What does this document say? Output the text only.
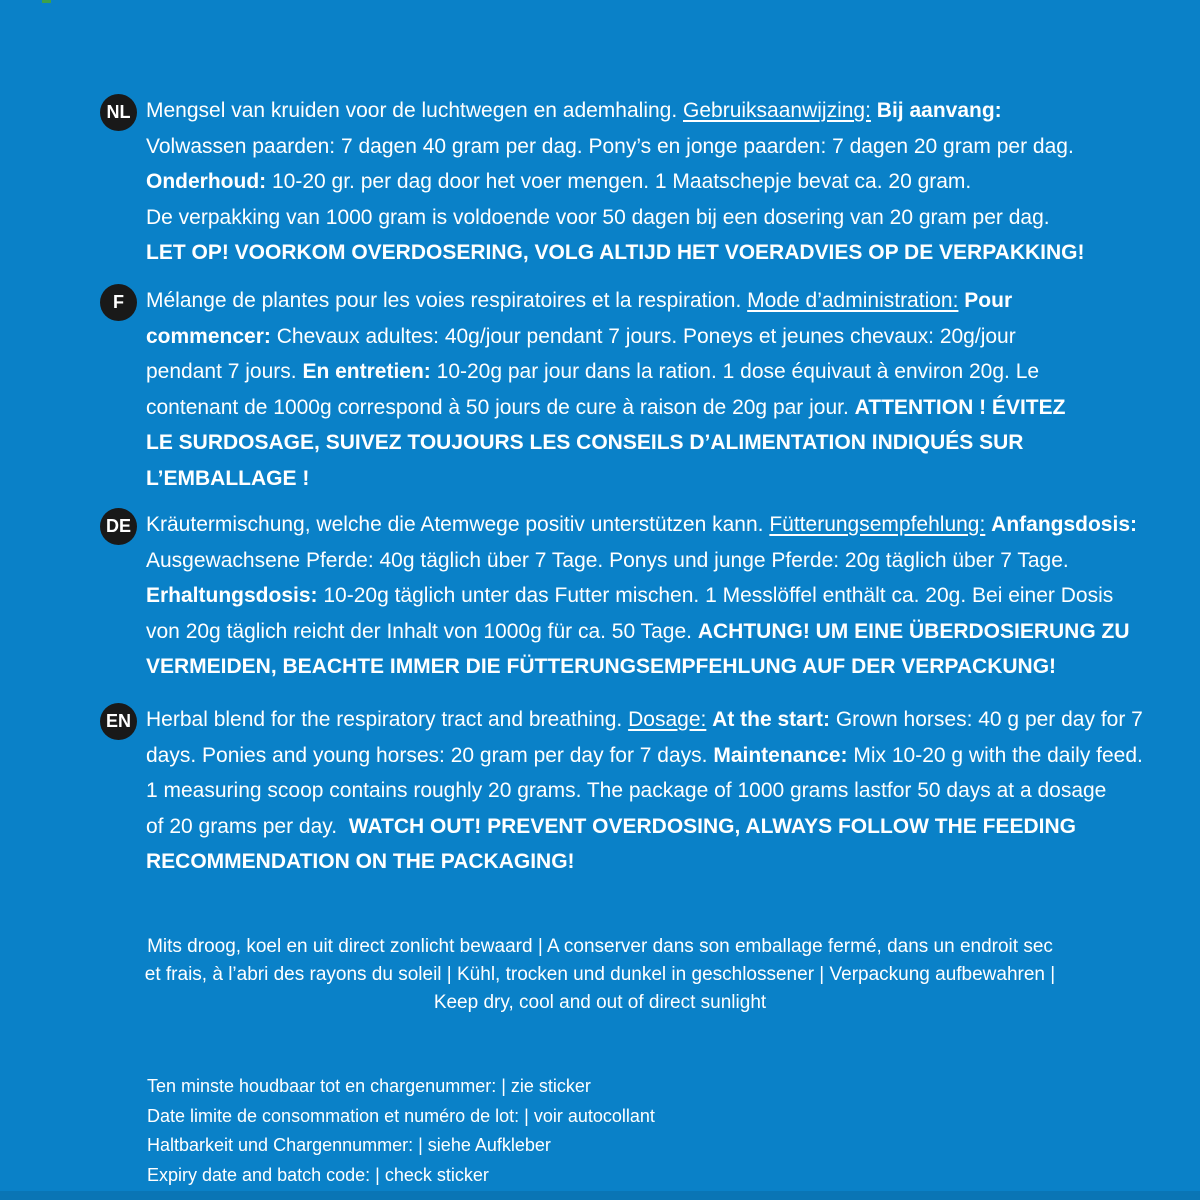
NL Mengsel van kruiden voor de luchtwegen en ademhaling. Gebruiksaanwijzing: Bij aanvang:
Volwassen paarden: 7 dagen 40 gram per dag. Pony’s en jonge paarden: 7 dagen 20 gram per dag.
Onderhoud: 10-20 gr. per dag door het voer mengen. 1 Maatschepje bevat ca. 20 gram.
De verpakking van 1000 gram is voldoende voor 50 dagen bij een dosering van 20 gram per dag.
LET OP! VOORKOM OVERDOSERING, VOLG ALTIJD HET VOERADVIES OP DE VERPAKKING!
F Mélange de plantes pour les voies respiratoires et la respiration. Mode d’administration: Pour
commencer: Chevaux adultes: 40g/jour pendant 7 jours. Poneys et jeunes chevaux: 20g/jour
pendant 7 jours. En entretien: 10-20g par jour dans la ration. 1 dose équivaut à environ 20g. Le
contenant de 1000g correspond à 50 jours de cure à raison de 20g par jour. ATTENTION ! ÉVITEZ
LE SURDOSAGE, SUIVEZ TOUJOURS LES CONSEILS D’ALIMENTATION INDIQUÉS SUR
L’EMBALLAGE !
DE Kräutermischung, welche die Atemwege positiv unterstützen kann. Fütterungsempfehlung: Anfangsdosis:
Ausgewachsene Pferde: 40g täglich über 7 Tage. Ponys und junge Pferde: 20g täglich über 7 Tage.
Erhaltungsdosis: 10-20g täglich unter das Futter mischen. 1 Messlöffel enthält ca. 20g. Bei einer Dosis
von 20g täglich reicht der Inhalt von 1000g für ca. 50 Tage. ACHTUNG! UM EINE ÜBERDOSIERUNG ZU
VERMEIDEN, BEACHTE IMMER DIE FÜTTERUNGSEMPFEHLUNG AUF DER VERPACKUNG!
EN Herbal blend for the respiratory tract and breathing. Dosage: At the start: Grown horses: 40 g per day for 7
days. Ponies and young horses: 20 gram per day for 7 days. Maintenance: Mix 10-20 g with the daily feed.
1 measuring scoop contains roughly 20 grams. The package of 1000 grams lastfor 50 days at a dosage
of 20 grams per day.  WATCH OUT! PREVENT OVERDOSING, ALWAYS FOLLOW THE FEEDING
RECOMMENDATION ON THE PACKAGING!
Mits droog, koel en uit direct zonlicht bewaard | A conserver dans son emballage fermé, dans un endroit sec
et frais, à l’abri des rayons du soleil | Kühl, trocken und dunkel in geschlossener | Verpackung aufbewahren |
Keep dry, cool and out of direct sunlight
Ten minste houdbaar tot en chargenummer: | zie sticker
Date limite de consommation et numéro de lot: | voir autocollant
Haltbarkeit und Chargennummer: | siehe Aufkleber
Expiry date and batch code: | check sticker
